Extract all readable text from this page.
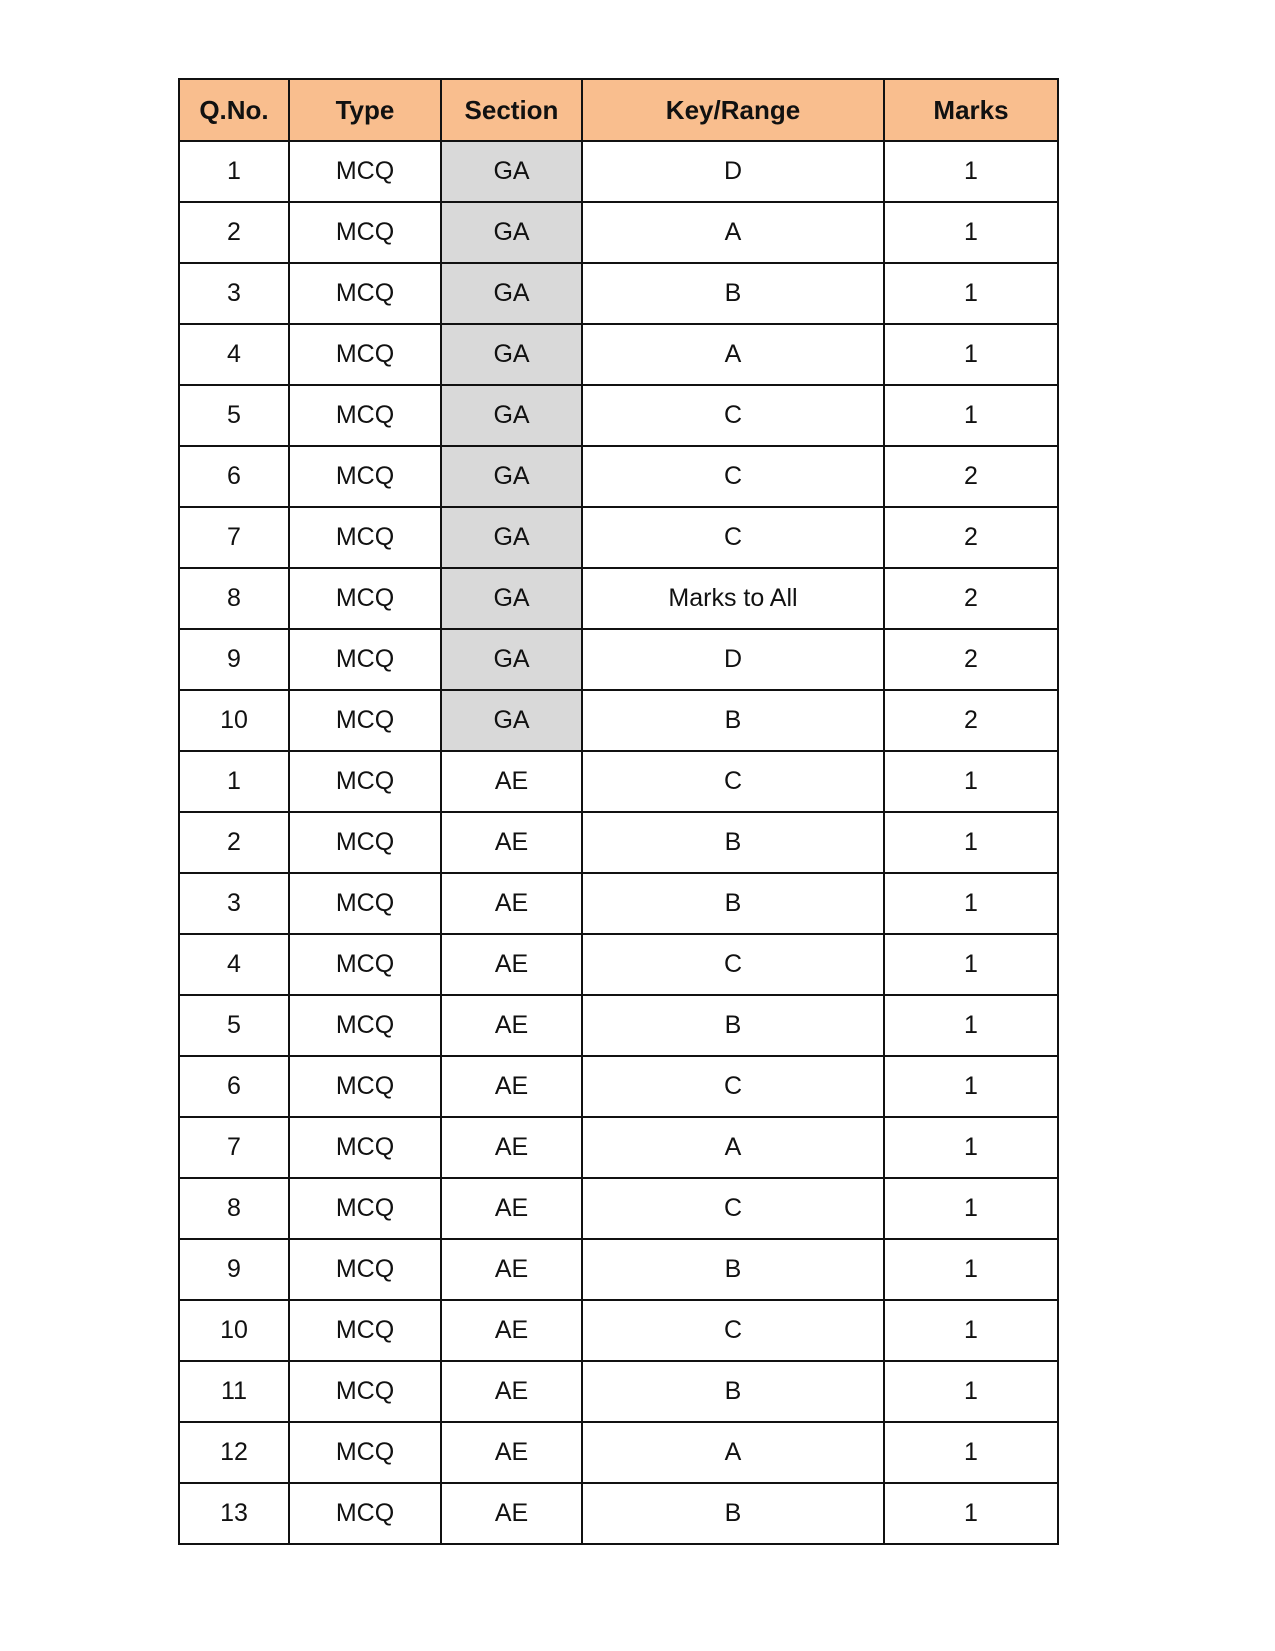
Q.No.	Type	Section	Key/Range	Marks
1	MCQ	GA	D	1
2	MCQ	GA	A	1
3	MCQ	GA	B	1
4	MCQ	GA	A	1
5	MCQ	GA	C	1
6	MCQ	GA	C	2
7	MCQ	GA	C	2
8	MCQ	GA	Marks to All	2
9	MCQ	GA	D	2
10	MCQ	GA	B	2
1	MCQ	AE	C	1
2	MCQ	AE	B	1
3	MCQ	AE	B	1
4	MCQ	AE	C	1
5	MCQ	AE	B	1
6	MCQ	AE	C	1
7	MCQ	AE	A	1
8	MCQ	AE	C	1
9	MCQ	AE	B	1
10	MCQ	AE	C	1
11	MCQ	AE	B	1
12	MCQ	AE	A	1
13	MCQ	AE	B	1
